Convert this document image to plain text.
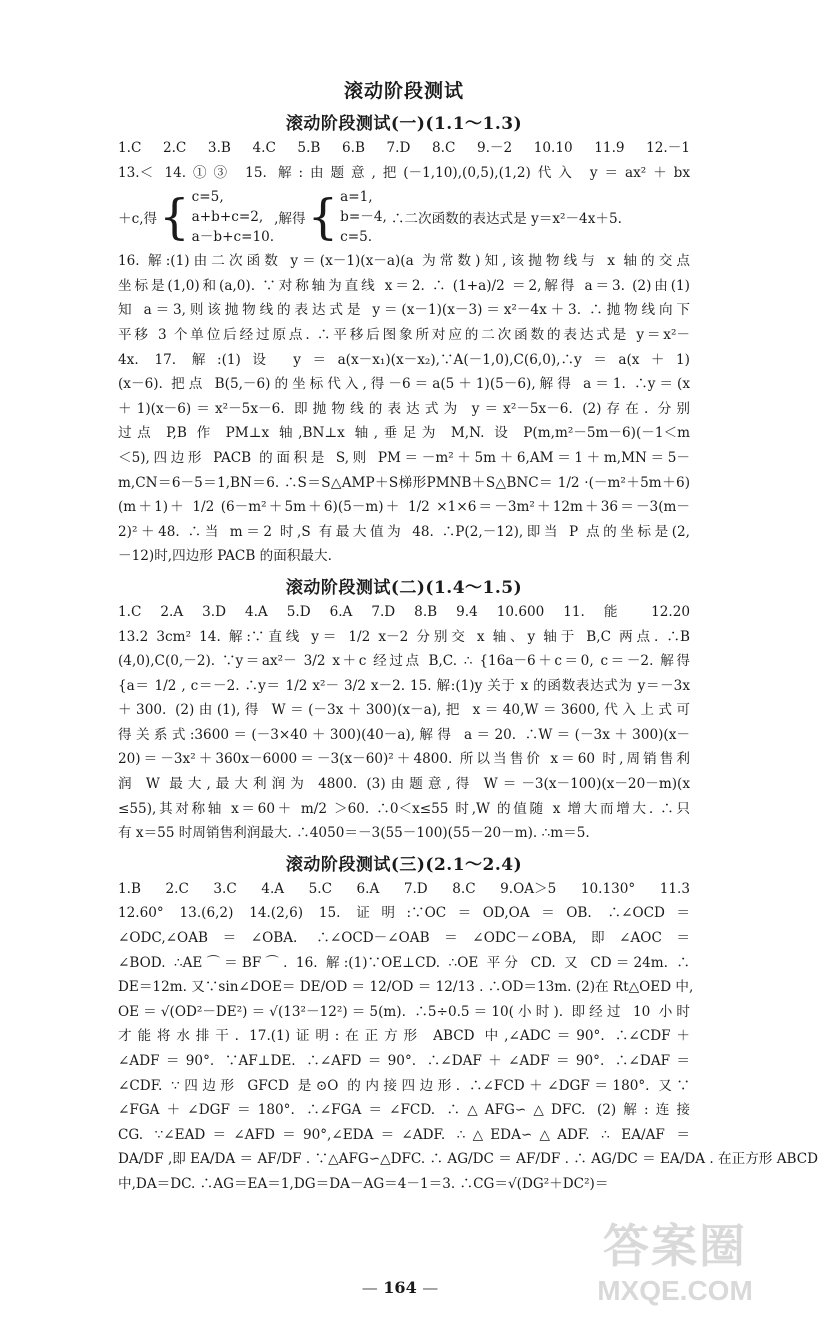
滚动阶段测试
滚动阶段测试(一)(1.1～1.3)
1.C 2.C 3.B 4.C 5.B 6.B 7.D 8.C 9.－2 10.10 11.9 12.－1
13.＜ 14.①③ 15. 解:由题意,把(－1,10),(0,5),(1,2)代入 y＝ax²＋bx
＋c,得 { c=5,
a+b+c=2,
a－b+c=10.
,解得 { a=1,
b=－4,
c=5.
∴二次函数的表达式是 y＝x²－4x＋5.
16. 解:(1)由二次函数 y＝(x－1)(x－a)(a 为常数)知,该抛物线与 x 轴的交点
坐标是(1,0)和(a,0). ∵对称轴为直线 x＝2. ∴ (1+a)/2 ＝2,解得 a＝3. (2)由(1)
知 a＝3,则该抛物线的表达式是 y＝(x－1)(x－3)＝x²－4x＋3. ∴抛物线向下
平移 3 个单位后经过原点. ∴平移后图象所对应的二次函数的表达式是 y＝x²－
4x. 17. 解:(1)设 y＝a(x－x₁)(x－x₂),∵A(－1,0),C(6,0),∴y＝a(x＋1)
(x－6). 把点 B(5,－6)的坐标代入,得－6＝a(5＋1)(5－6),解得 a＝1. ∴y＝(x
＋1)(x－6)＝x²－5x－6. 即抛物线的表达式为 y＝x²－5x－6. (2)存在. 分别
过点 P,B 作 PM⊥x 轴,BN⊥x 轴,垂足为 M,N. 设 P(m,m²－5m－6)(－1＜m
＜5),四边形 PACB 的面积是 S,则 PM＝－m²＋5m＋6,AM＝1＋m,MN＝5－
m,CN＝6－5＝1,BN＝6. ∴S＝S△AMP＋S梯形PMNB＋S△BNC＝ 1/2 ·(－m²＋5m＋6)
(m＋1)＋ 1/2 (6－m²＋5m＋6)(5－m)＋ 1/2 ×1×6＝－3m²＋12m＋36＝－3(m－
2)²＋48. ∴当 m＝2 时,S 有最大值为 48. ∴P(2,－12),即当 P 点的坐标是(2,
－12)时,四边形 PACB 的面积最大.
滚动阶段测试(二)(1.4～1.5)
1.C 2.A 3.D 4.A 5.D 6.A 7.D 8.B 9.4 10.600 11. 能 12.20
13.2 3cm² 14. 解:∵直线 y＝ 1/2 x－2 分别交 x 轴、y 轴于 B,C 两点. ∴B
(4,0),C(0,－2). ∵y＝ax²－ 3/2 x＋c 经过点 B,C. ∴ {16a－6＋c＝0, c＝－2. 解得
{a＝ 1/2 , c＝－2. ∴y＝ 1/2 x²－ 3/2 x－2. 15. 解:(1)y 关于 x 的函数表达式为 y＝－3x
＋300. (2)由(1),得 W＝(－3x＋300)(x－a),把 x＝40,W＝3600,代入上式可
得关系式:3600＝(－3×40＋300)(40－a),解得 a＝20. ∴W＝(－3x＋300)(x－
20)＝－3x²＋360x－6000＝－3(x－60)²＋4800. 所以当售价 x＝60 时,周销售利
润 W 最大,最大利润为 4800. (3)由题意,得 W＝－3(x－100)(x－20－m)(x
≤55),其对称轴 x＝60＋ m/2 ＞60. ∴0＜x≤55 时,W 的值随 x 增大而增大. ∴只
有 x＝55 时周销售利润最大. ∴4050＝－3(55－100)(55－20－m). ∴m＝5.
滚动阶段测试(三)(2.1～2.4)
1.B 2.C 3.C 4.A 5.C 6.A 7.D 8.C 9.OA＞5 10.130° 11.3
12.60° 13.(6,2) 14.(2,6) 15. 证明:∵OC＝OD,OA＝OB. ∴∠OCD＝
∠ODC,∠OAB＝∠OBA. ∴∠OCD－∠OAB＝∠ODC－∠OBA,即∠AOC＝
∠BOD. ∴AE⌒＝BF⌒. 16. 解:(1)∵OE⊥CD. ∴OE 平分 CD. 又 CD＝24m. ∴
DE＝12m. 又∵sin∠DOE＝ DE/OD ＝ 12/OD ＝ 12/13 . ∴OD＝13m. (2)在 Rt△OED 中,
OE＝√(OD²－DE²)＝√(13²－12²)＝5(m). ∴5÷0.5＝10(小时). 即经过 10 小时
才能将水排干. 17.(1)证明:在正方形 ABCD 中,∠ADC＝90°. ∴∠CDF＋
∠ADF＝90°. ∵AF⊥DE. ∴∠AFD＝90°. ∴∠DAF＋∠ADF＝90°. ∴∠DAF＝
∠CDF. ∵四边形 GFCD 是⊙O 的内接四边形. ∴∠FCD＋∠DGF＝180°. 又∵
∠FGA＋∠DGF＝180°. ∴∠FGA＝∠FCD. ∴△AFG∽△DFC. (2)解:连接
CG. ∵∠EAD＝∠AFD＝90°,∠EDA＝∠ADF. ∴△EDA∽△ADF. ∴ EA/AF ＝
DA/DF ,即 EA/DA ＝ AF/DF . ∵△AFG∽△DFC. ∴ AG/DC ＝ AF/DF . ∴ AG/DC ＝ EA/DA . 在正方形 ABCD
中,DA＝DC. ∴AG＝EA＝1,DG＝DA－AG＝4－1＝3. ∴CG＝√(DG²＋DC²)＝
— 164 —
答案圈
MXQE.COM
